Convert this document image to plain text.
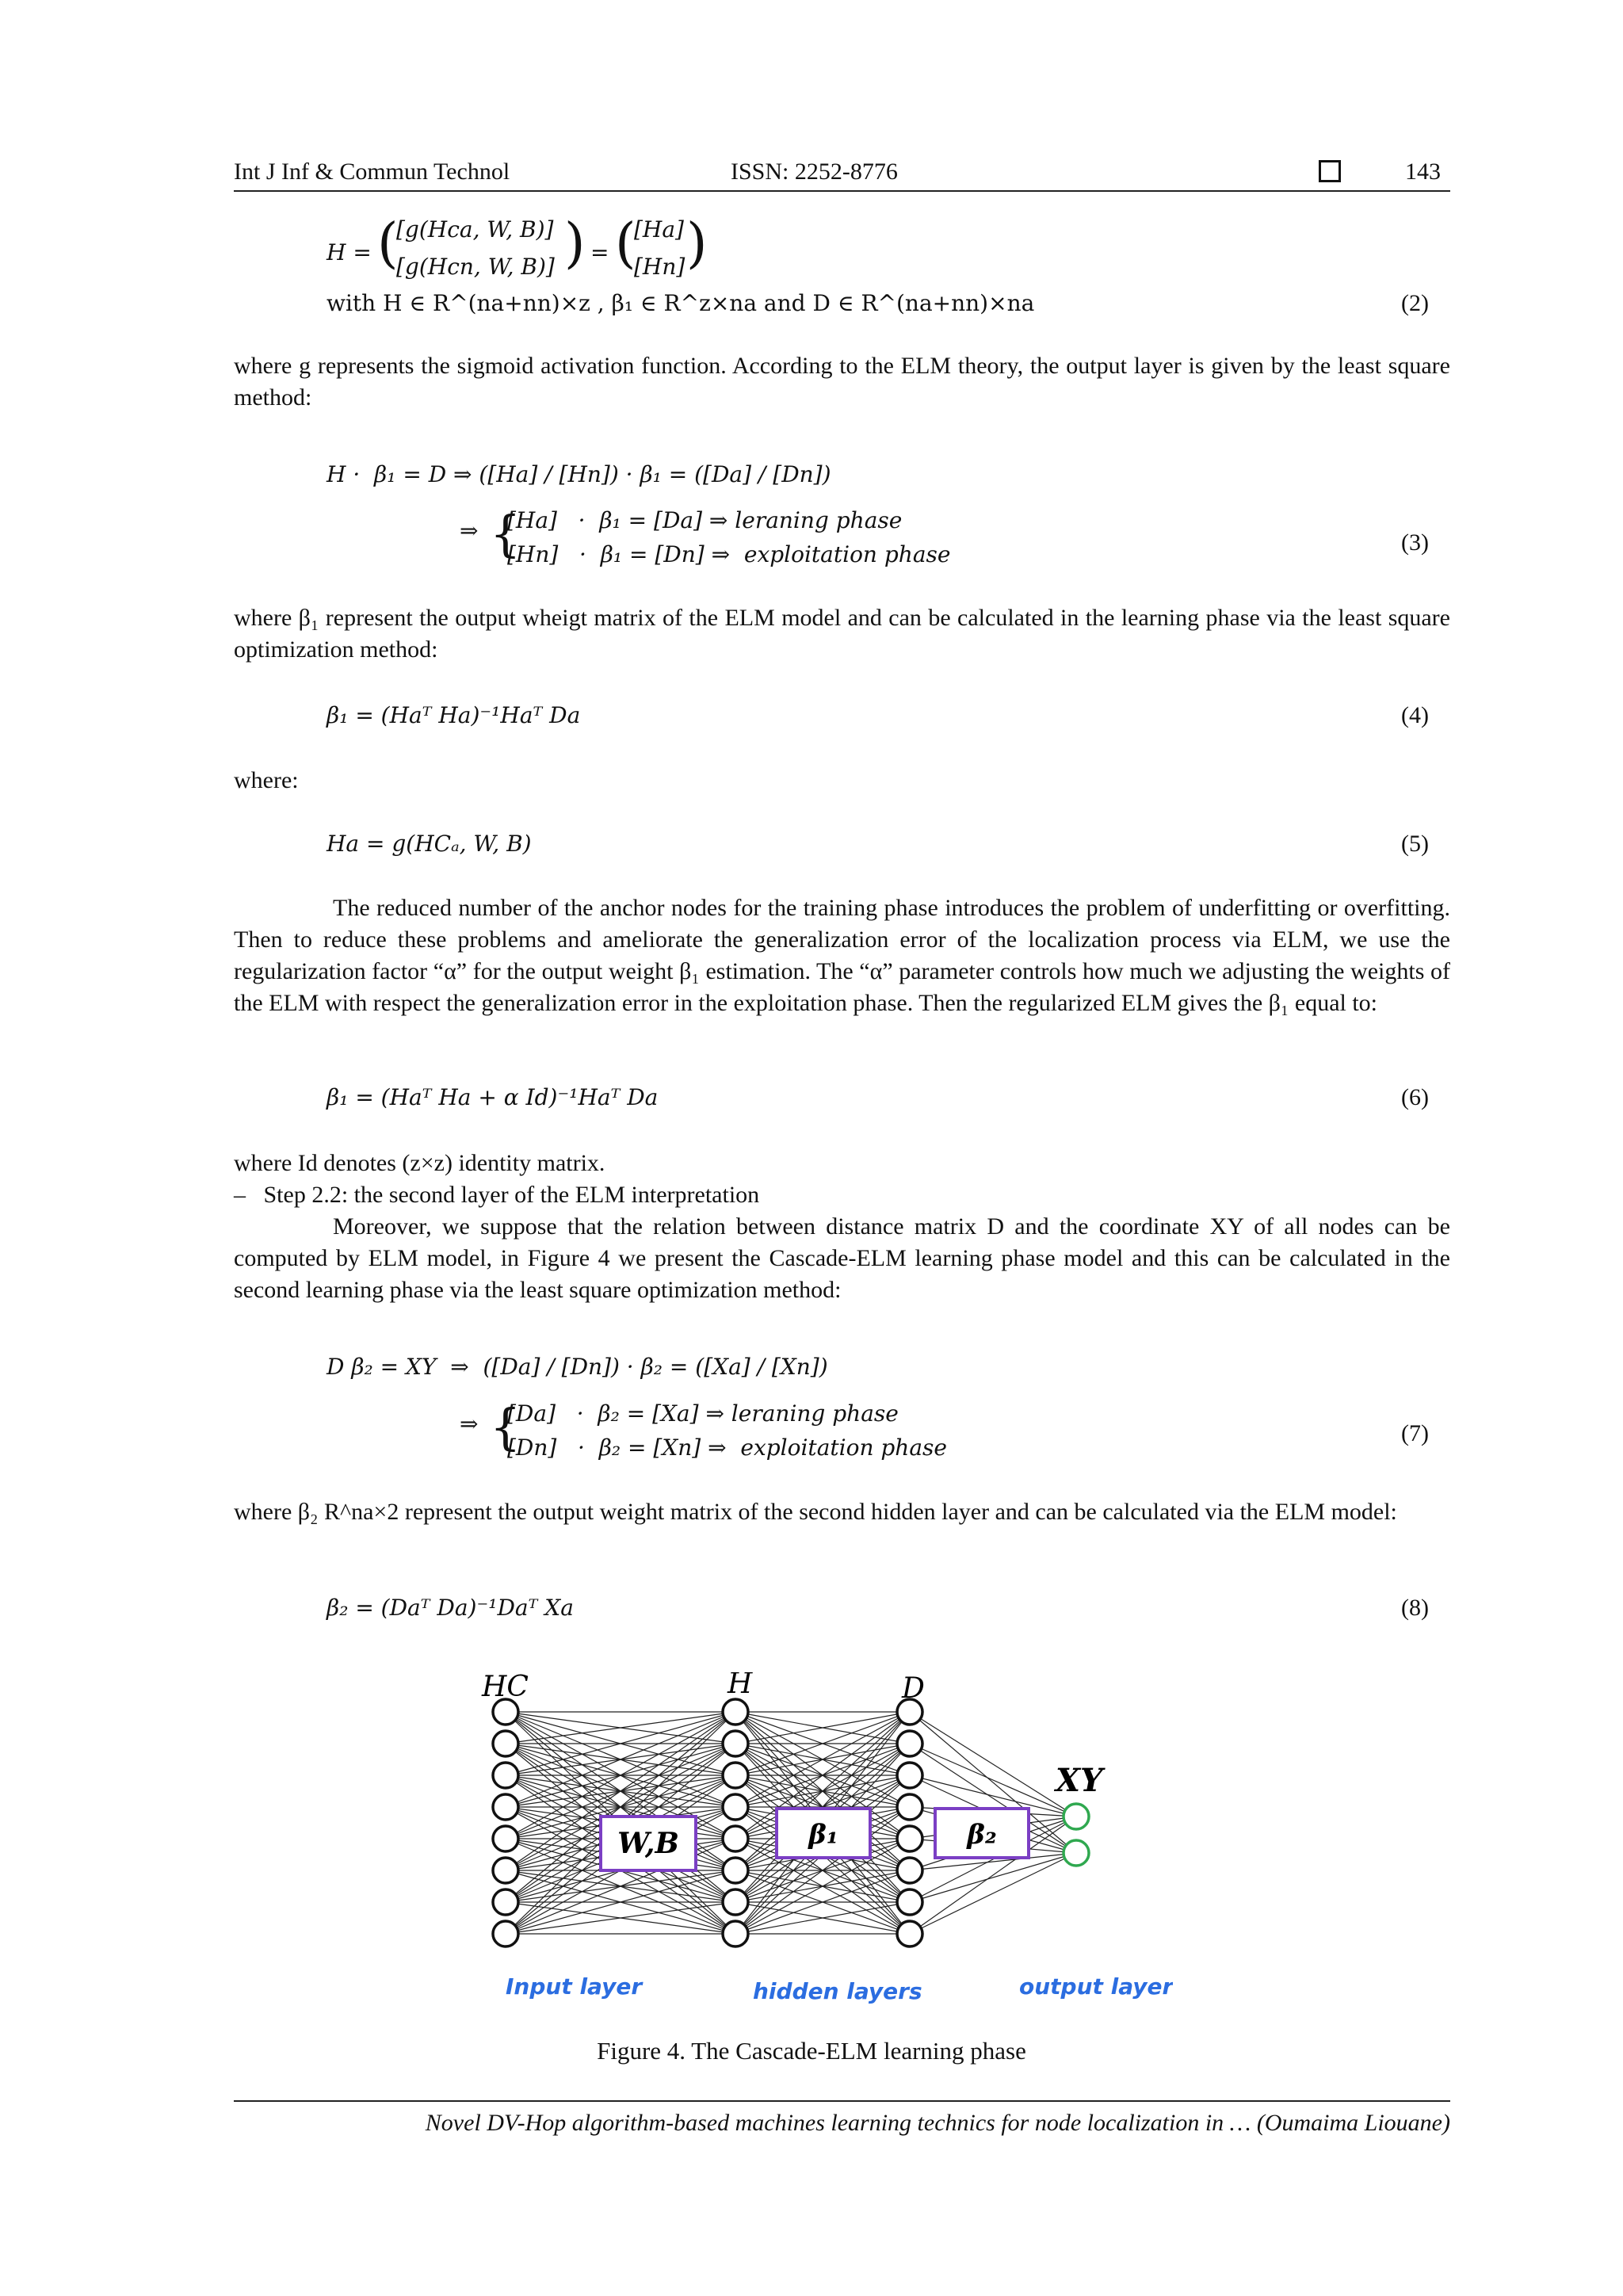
Int J Inf & Commun Technol	ISSN: 2252-8776	143
H = (
[g(Hca, W, B)]
[g(Hcn, W, B)] ) = (
[Ha]
[Hn] )
with H ∈ R^(na+nn)×z , β₁ ∈ R^z×na and D ∈ R^(na+nn)×na	(2)
where g represents the sigmoid activation function. According to the ELM theory, the output layer is given by the least square method:
H ·  β₁ = D ⇒ ([Ha] / [Hn]) · β₁ = ([Da] / [Dn])
⇒ {
[Ha]   ·  β₁ = [Da] ⇒ leraning phase
[Hn]   ·  β₁ = [Dn] ⇒  exploitation phase	(3)
where β₁ represent the output wheigt matrix of the ELM model and can be calculated in the learning phase via the least square optimization method:
β₁ = (Haᵀ Ha)⁻¹Haᵀ Da	(4)
where:
Ha = g(HCₐ, W, B)	(5)
The reduced number of the anchor nodes for the training phase introduces the problem of underfitting or overfitting. Then to reduce these problems and ameliorate the generalization error of the localization process via ELM, we use the regularization factor “α” for the output weight β₁ estimation. The “α” parameter controls how much we adjusting the weights of the ELM with respect the generalization error in the exploitation phase. Then the regularized ELM gives the β₁ equal to:
β₁ = (Haᵀ Ha + α Id)⁻¹Haᵀ Da	(6)
where Id denotes (z×z) identity matrix.
–   Step 2.2: the second layer of the ELM interpretation
Moreover, we suppose that the relation between distance matrix D and the coordinate XY of all nodes can be computed by ELM model, in Figure 4 we present the Cascade-ELM learning phase model and this can be calculated in the second learning phase via the least square optimization method:
D β₂ = XY  ⇒  ([Da] / [Dn]) · β₂ = ([Xa] / [Xn])
⇒ {
[Da]   ·  β₂ = [Xa] ⇒ leraning phase
[Dn]   ·  β₂ = [Xn] ⇒  exploitation phase
(7)
where β₂ R^na×2 represent the output weight matrix of the second hidden layer and can be calculated via the ELM model:
β₂ = (Daᵀ Da)⁻¹Daᵀ Xa	(8)
W,B	β₁	β₂
HC	H	D
XY
Input layer	hidden layers	output layer
Figure 4. The Cascade-ELM learning phase
Novel DV-Hop algorithm-based machines learning technics for node localization in … (Oumaima Liouane)
